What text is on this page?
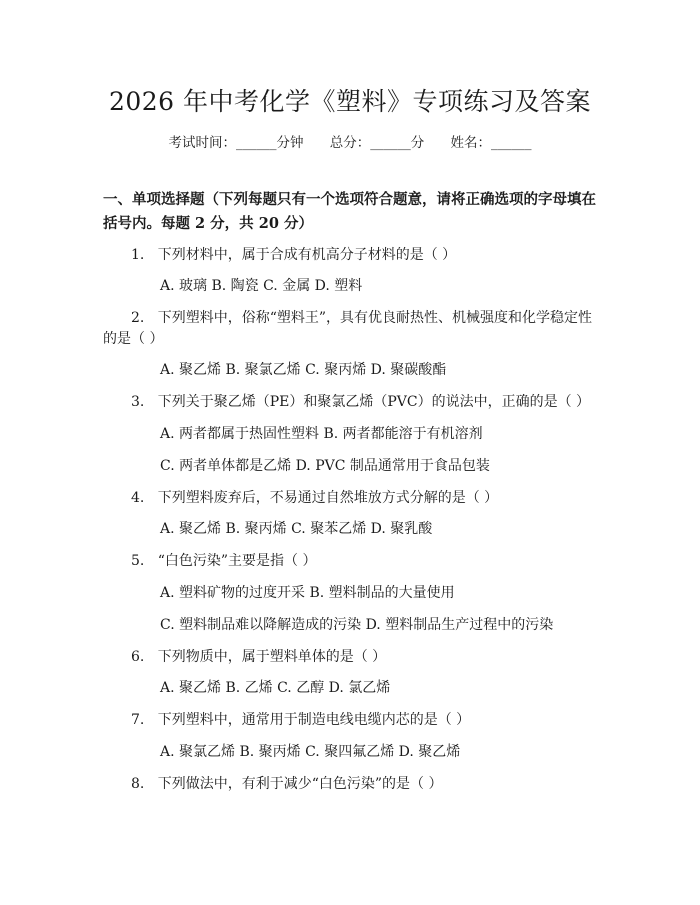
2026 年中考化学《塑料》专项练习及答案
考试时间：______分钟 总分：______分 姓名：______
一、单项选择题（下列每题只有一个选项符合题意，请将正确选项的字母填在括号内。每题 2 分，共 20 分）
1.   下列材料中，属于合成有机高分子材料的是（ ）
A. 玻璃 B. 陶瓷 C. 金属 D. 塑料
2.   下列塑料中，俗称“塑料王”，具有优良耐热性、机械强度和化学稳定性
的是（ ）
A. 聚乙烯 B. 聚氯乙烯 C. 聚丙烯 D. 聚碳酸酯
3.   下列关于聚乙烯（PE）和聚氯乙烯（PVC）的说法中，正确的是（ ）
A. 两者都属于热固性塑料 B. 两者都能溶于有机溶剂
C. 两者单体都是乙烯 D. PVC 制品通常用于食品包装
4.   下列塑料废弃后，不易通过自然堆放方式分解的是（ ）
A. 聚乙烯 B. 聚丙烯 C. 聚苯乙烯 D. 聚乳酸
5.   “白色污染”主要是指（ ）
A. 塑料矿物的过度开采 B. 塑料制品的大量使用
C. 塑料制品难以降解造成的污染 D. 塑料制品生产过程中的污染
6.   下列物质中，属于塑料单体的是（ ）
A. 聚乙烯 B. 乙烯 C. 乙醇 D. 氯乙烯
7.   下列塑料中，通常用于制造电线电缆内芯的是（ ）
A. 聚氯乙烯 B. 聚丙烯 C. 聚四氟乙烯 D. 聚乙烯
8.   下列做法中，有利于减少“白色污染”的是（ ）
